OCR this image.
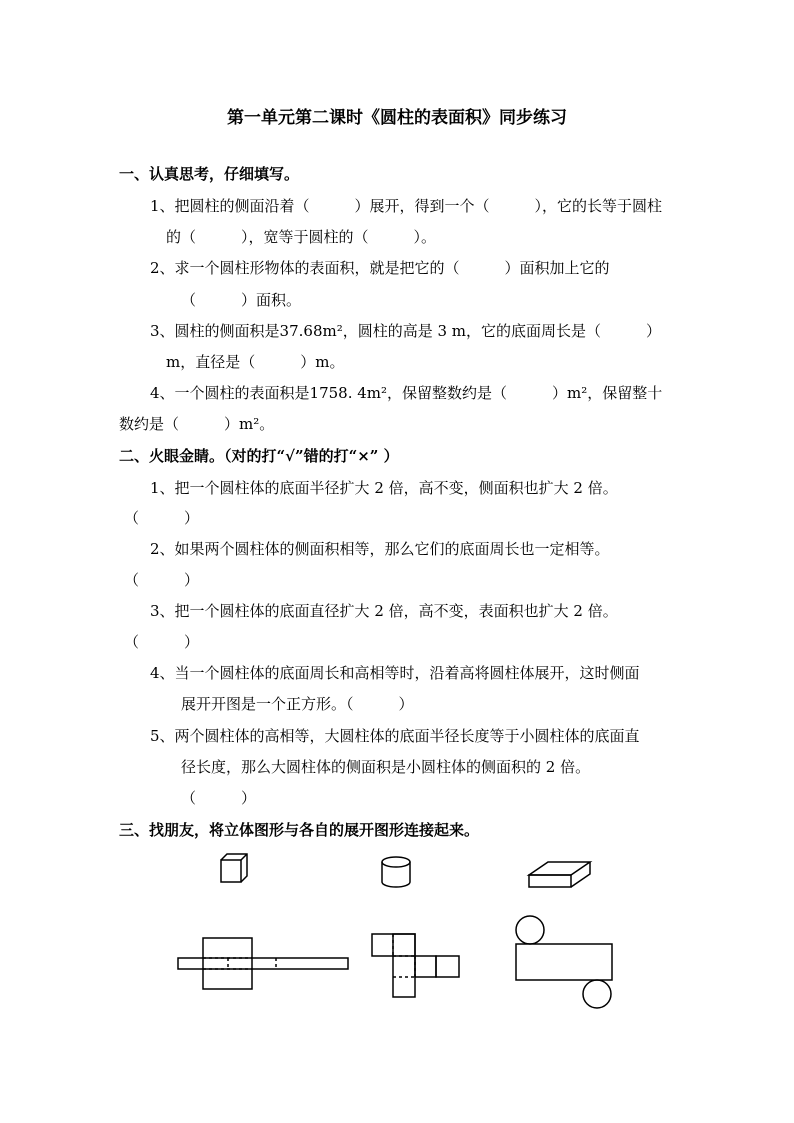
第一单元第二课时《圆柱的表面积》同步练习
一、认真思考，仔细填写。
1、把圆柱的侧面沿着（　　　）展开，得到一个（　　　），它的长等于圆柱
的（　　　），宽等于圆柱的（　　　）。
2、求一个圆柱形物体的表面积，就是把它的（　　　）面积加上它的
（　　　）面积。
3、圆柱的侧面积是37.68m²，圆柱的高是 3 m，它的底面周长是（　　　）
m，直径是（　　　）m。
4、一个圆柱的表面积是1758. 4m²，保留整数约是（　　　）m²，保留整十
数约是（　　　）m²。
二、火眼金睛。（对的打“√”错的打“×” ）
1、把一个圆柱体的底面半径扩大 2 倍，高不变，侧面积也扩大 2 倍。
（　　　）
2、如果两个圆柱体的侧面积相等，那么它们的底面周长也一定相等。
（　　　）
3、把一个圆柱体的底面直径扩大 2 倍，高不变，表面积也扩大 2 倍。
（　　　）
4、当一个圆柱体的底面周长和高相等时，沿着高将圆柱体展开，这时侧面
展开开图是一个正方形。（　　　）
5、两个圆柱体的高相等，大圆柱体的底面半径长度等于小圆柱体的底面直
径长度，那么大圆柱体的侧面积是小圆柱体的侧面积的 2 倍。
（　　　）
三、找朋友，将立体图形与各自的展开图形连接起来。
